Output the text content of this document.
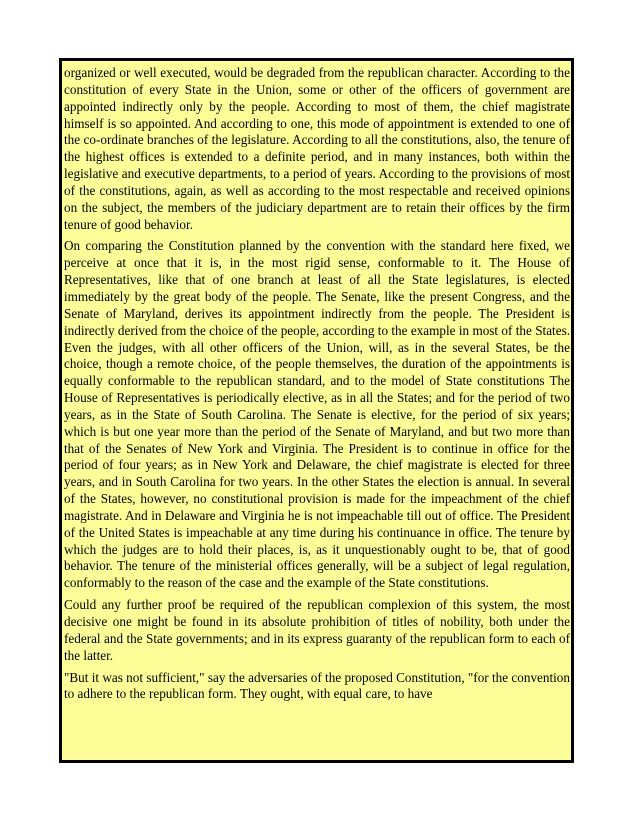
organized or well executed, would be degraded from the republican character. According to the constitution of every State in the Union, some or other of the officers of government are appointed indirectly only by the people. According to most of them, the chief magistrate himself is so appointed. And according to one, this mode of appointment is extended to one of the co-ordinate branches of the legislature. According to all the constitutions, also, the tenure of the highest offices is extended to a definite period, and in many instances, both within the legislative and executive departments, to a period of years. According to the provisions of most of the constitutions, again, as well as according to the most respectable and received opinions on the subject, the members of the judiciary department are to retain their offices by the firm tenure of good behavior.

On comparing the Constitution planned by the convention with the standard here fixed, we perceive at once that it is, in the most rigid sense, conformable to it. The House of Representatives, like that of one branch at least of all the State legislatures, is elected immediately by the great body of the people. The Senate, like the present Congress, and the Senate of Maryland, derives its appointment indirectly from the people. The President is indirectly derived from the choice of the people, according to the example in most of the States. Even the judges, with all other officers of the Union, will, as in the several States, be the choice, though a remote choice, of the people themselves, the duration of the appointments is equally conformable to the republican standard, and to the model of State constitutions The House of Representatives is periodically elective, as in all the States; and for the period of two years, as in the State of South Carolina. The Senate is elective, for the period of six years; which is but one year more than the period of the Senate of Maryland, and but two more than that of the Senates of New York and Virginia. The President is to continue in office for the period of four years; as in New York and Delaware, the chief magistrate is elected for three years, and in South Carolina for two years. In the other States the election is annual. In several of the States, however, no constitutional provision is made for the impeachment of the chief magistrate. And in Delaware and Virginia he is not impeachable till out of office. The President of the United States is impeachable at any time during his continuance in office. The tenure by which the judges are to hold their places, is, as it unquestionably ought to be, that of good behavior. The tenure of the ministerial offices generally, will be a subject of legal regulation, conformably to the reason of the case and the example of the State constitutions.

Could any further proof be required of the republican complexion of this system, the most decisive one might be found in its absolute prohibition of titles of nobility, both under the federal and the State governments; and in its express guaranty of the republican form to each of the latter.

"But it was not sufficient," say the adversaries of the proposed Constitution, "for the convention to adhere to the republican form. They ought, with equal care, to have
